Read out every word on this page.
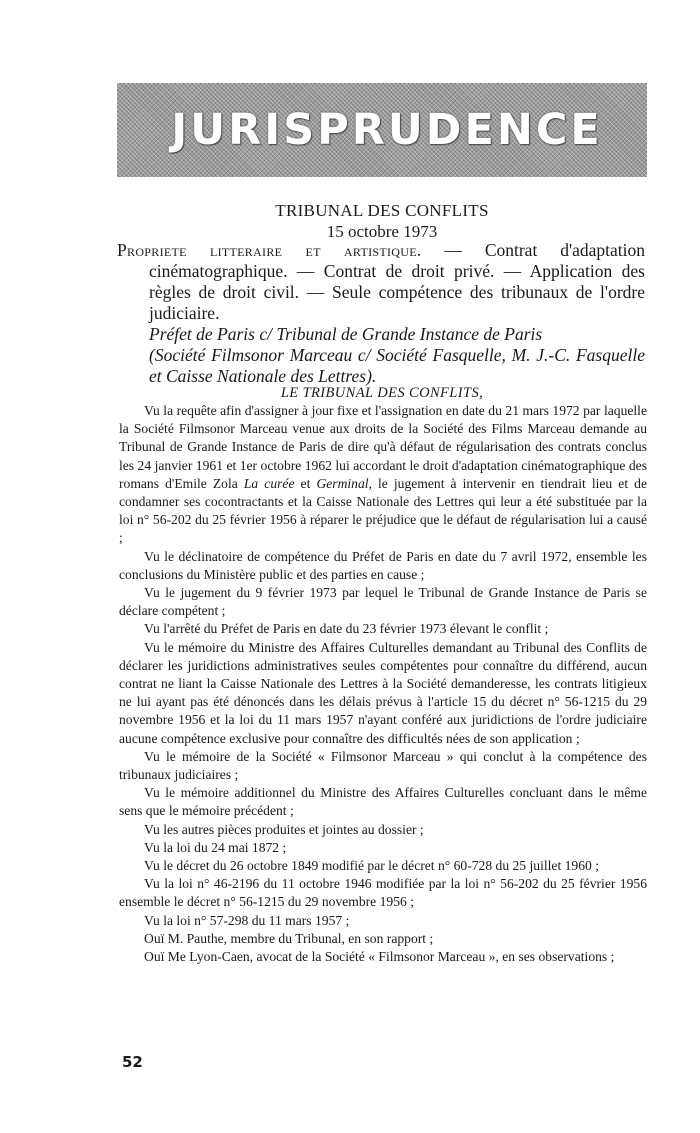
JURISPRUDENCE
TRIBUNAL DES CONFLITS
15 octobre 1973

Propriete litteraire et artistique. — Contrat d'adaptation cinématographique. — Contrat de droit privé. — Application des règles de droit civil. — Seule compétence des tribunaux de l'ordre judiciaire.

Préfet de Paris c/ Tribunal de Grande Instance de Paris

(Société Filmsonor Marceau c/ Société Fasquelle, M. J.-C. Fasquelle et Caisse Nationale des Lettres).

LE TRIBUNAL DES CONFLITS,

Vu la requête afin d'assigner à jour fixe et l'assignation en date du 21 mars 1972 par laquelle la Société Filmsonor Marceau venue aux droits de la Société des Films Marceau demande au Tribunal de Grande Instance de Paris de dire qu'à défaut de régularisation des contrats conclus les 24 janvier 1961 et 1er octobre 1962 lui accordant le droit d'adaptation cinématographique des romans d'Emile Zola La curée et Germinal, le jugement à intervenir en tiendrait lieu et de condamner ses cocontractants et la Caisse Nationale des Lettres qui leur a été substituée par la loi n° 56-202 du 25 février 1956 à réparer le préjudice que le défaut de régularisation lui a causé ;

Vu le déclinatoire de compétence du Préfet de Paris en date du 7 avril 1972, ensemble les conclusions du Ministère public et des parties en cause ;

Vu le jugement du 9 février 1973 par lequel le Tribunal de Grande Instance de Paris se déclare compétent ;

Vu l'arrêté du Préfet de Paris en date du 23 février 1973 élevant le conflit ;

Vu le mémoire du Ministre des Affaires Culturelles demandant au Tribunal des Conflits de déclarer les juridictions administratives seules compétentes pour connaître du différend, aucun contrat ne liant la Caisse Nationale des Lettres à la Société demanderesse, les contrats litigieux ne lui ayant pas été dénoncés dans les délais prévus à l'article 15 du décret n° 56-1215 du 29 novembre 1956 et la loi du 11 mars 1957 n'ayant conféré aux juridictions de l'ordre judiciaire aucune compétence exclusive pour connaître des difficultés nées de son application ;

Vu le mémoire de la Société « Filmsonor Marceau » qui conclut à la compétence des tribunaux judiciaires ;

Vu le mémoire additionnel du Ministre des Affaires Culturelles concluant dans le même sens que le mémoire précédent ;

Vu les autres pièces produites et jointes au dossier ;

Vu la loi du 24 mai 1872 ;

Vu le décret du 26 octobre 1849 modifié par le décret n° 60-728 du 25 juillet 1960 ;

Vu la loi n° 46-2196 du 11 octobre 1946 modifiée par la loi n° 56-202 du 25 février 1956 ensemble le décret n° 56-1215 du 29 novembre 1956 ;

Vu la loi n° 57-298 du 11 mars 1957 ;

Ouï M. Pauthe, membre du Tribunal, en son rapport ;

Ouï Me Lyon-Caen, avocat de la Société « Filmsonor Marceau », en ses observations ;

52
